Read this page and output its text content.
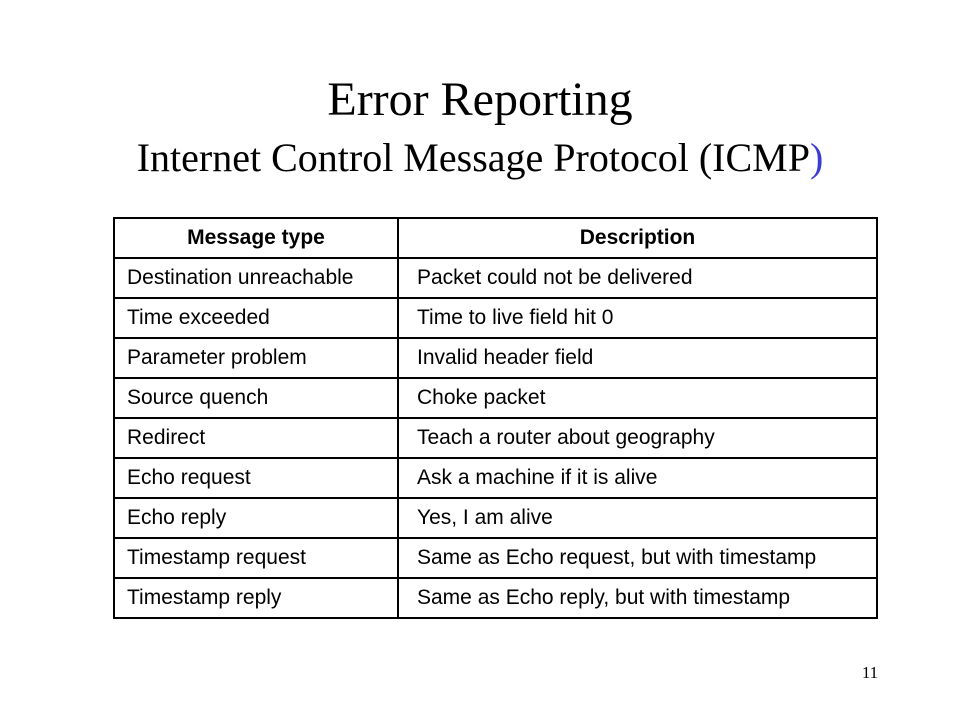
Error Reporting
Internet Control Message Protocol (ICMP)
Message type	Description
Destination unreachable	Packet could not be delivered
Time exceeded	Time to live field hit 0
Parameter problem	Invalid header field
Source quench	Choke packet
Redirect	Teach a router about geography
Echo request	Ask a machine if it is alive
Echo reply	Yes, I am alive
Timestamp request	Same as Echo request, but with timestamp
Timestamp reply	Same as Echo reply, but with timestamp
11
